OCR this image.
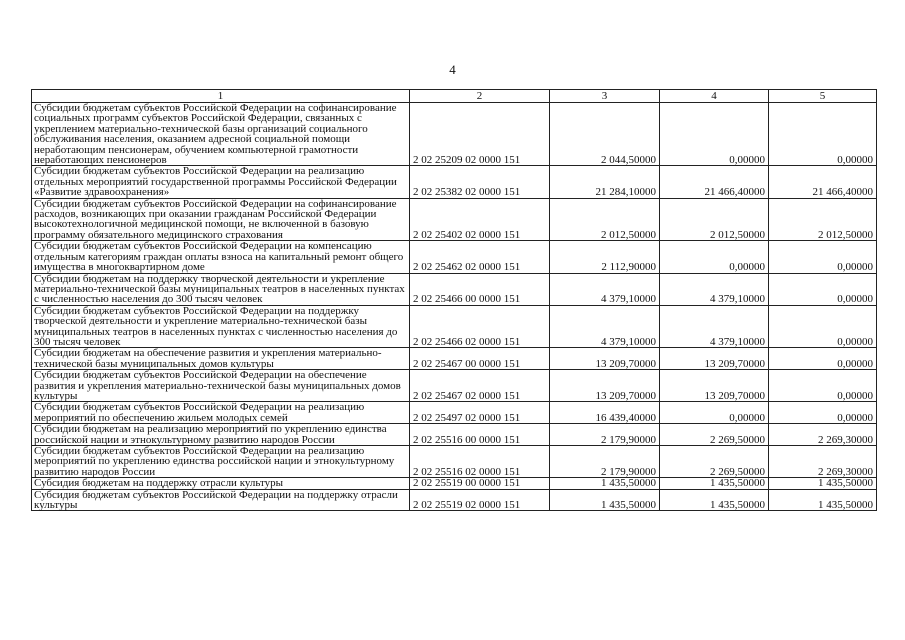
4
1	2	3	4	5
Субсидии бюджетам субъектов Российской Федерации на софинансирование социальных программ субъектов Российской Федерации, связанных с укреплением материально-технической базы организаций социального обслуживания населения, оказанием адресной социальной помощи неработающим пенсионерам, обучением компьютерной грамотности неработающих пенсионеров	2 02 25209 02 0000 151	2 044,50000	0,00000	0,00000
Субсидии бюджетам субъектов Российской Федерации на реализацию отдельных мероприятий государственной программы Российской Федерации «Развитие здравоохранения»	2 02 25382 02 0000 151	21 284,10000	21 466,40000	21 466,40000
Субсидии бюджетам субъектов Российской Федерации на софинансирование расходов, возникающих при оказании гражданам Российской Федерации высокотехнологичной медицинской помощи, не включенной в базовую программу обязательного медицинского страхования	2 02 25402 02 0000 151	2 012,50000	2 012,50000	2 012,50000
Субсидии бюджетам субъектов Российской Федерации на компенсацию отдельным категориям граждан оплаты взноса на капитальный ремонт общего имущества в многоквартирном доме	2 02 25462 02 0000 151	2 112,90000	0,00000	0,00000
Субсидии бюджетам на поддержку творческой деятельности и укрепление материально-технической базы муниципальных театров в населенных пунктах с численностью населения до 300 тысяч человек	2 02 25466 00 0000 151	4 379,10000	4 379,10000	0,00000
Субсидии бюджетам субъектов Российской Федерации на поддержку творческой деятельности и укрепление материально-технической базы муниципальных театров в населенных пунктах с численностью населения до 300 тысяч человек	2 02 25466 02 0000 151	4 379,10000	4 379,10000	0,00000
Субсидии бюджетам на обеспечение развития и укрепления материально-технической базы муниципальных домов культуры	2 02 25467 00 0000 151	13 209,70000	13 209,70000	0,00000
Субсидии бюджетам субъектов Российской Федерации на обеспечение развития и укрепления материально-технической базы муниципальных домов культуры	2 02 25467 02 0000 151	13 209,70000	13 209,70000	0,00000
Субсидии бюджетам субъектов Российской Федерации на реализацию мероприятий по обеспечению жильем молодых семей	2 02 25497 02 0000 151	16 439,40000	0,00000	0,00000
Субсидии бюджетам на реализацию мероприятий по укреплению единства российской нации и этнокультурному развитию народов России	2 02 25516 00 0000 151	2 179,90000	2 269,50000	2 269,30000
Субсидии бюджетам субъектов Российской Федерации на реализацию мероприятий по укреплению единства российской нации и этнокультурному развитию народов России	2 02 25516 02 0000 151	2 179,90000	2 269,50000	2 269,30000
Субсидия бюджетам на поддержку отрасли культуры	2 02 25519 00 0000 151	1 435,50000	1 435,50000	1 435,50000
Субсидия бюджетам субъектов Российской Федерации на поддержку отрасли культуры	2 02 25519 02 0000 151	1 435,50000	1 435,50000	1 435,50000
